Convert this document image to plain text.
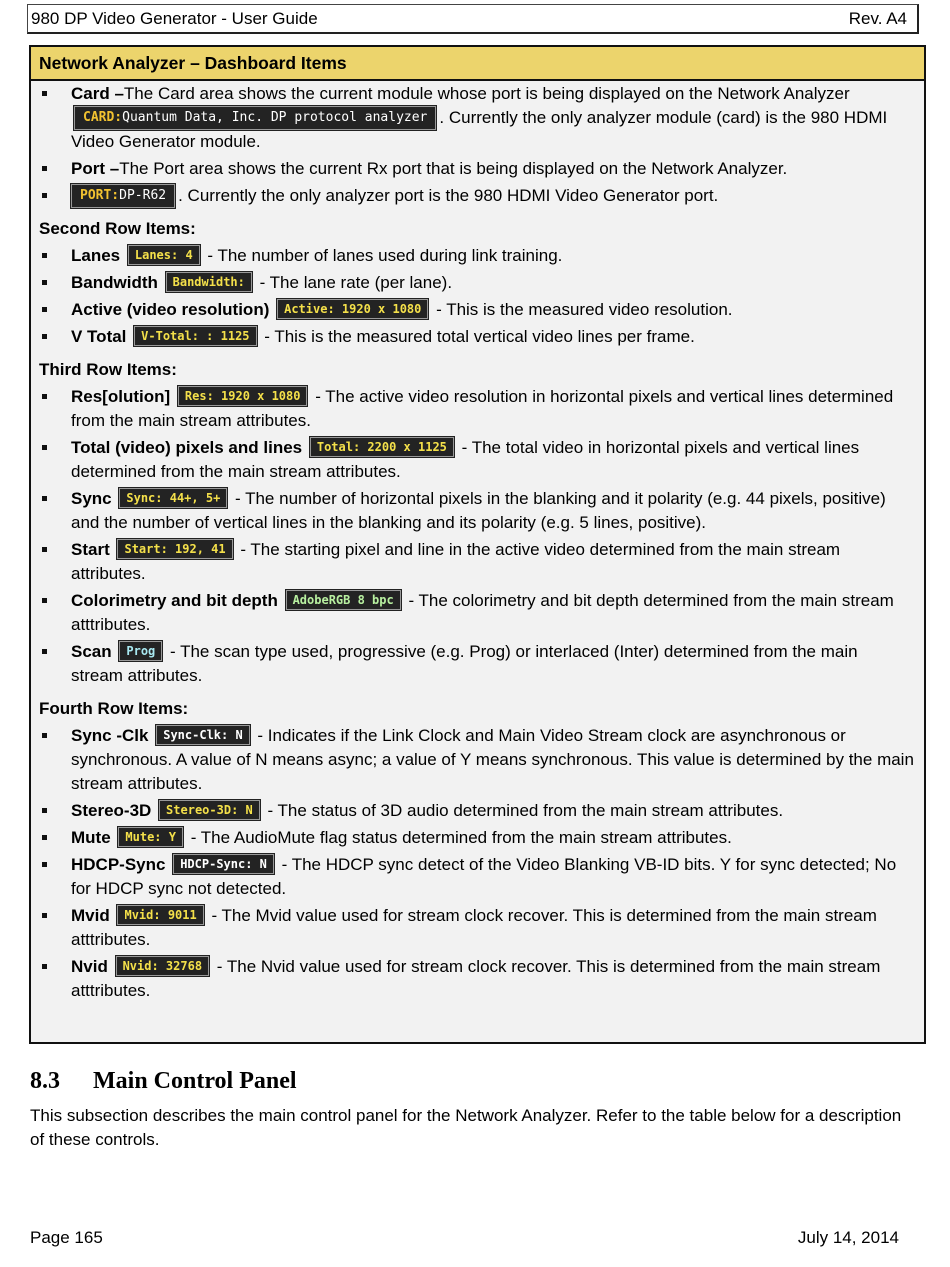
980 DP Video Generator - User Guide	Rev. A4
Network Analyzer – Dashboard Items
Card –The Card area shows the current module whose port is being displayed on the Network Analyzer CARD:Quantum Data, Inc. DP protocol analyzer . Currently the only analyzer module (card) is the 980 HDMI Video Generator module.
Port –The Port area shows the current Rx port that is being displayed on the Network Analyzer.
PORT:DP-R62 . Currently the only analyzer port is the 980 HDMI Video Generator port.
Second Row Items:
Lanes Lanes: 4 - The number of lanes used during link training.
Bandwidth Bandwidth: - The lane rate (per lane).
Active (video resolution) Active: 1920 x 1080 - This is the measured video resolution.
V Total V-Total: : 1125 - This is the measured total vertical video lines per frame.
Third Row Items:
Res[olution] Res: 1920 x 1080 - The active video resolution in horizontal pixels and vertical lines determined from the main stream attributes.
Total (video) pixels and lines Total: 2200 x 1125 - The total video in horizontal pixels and vertical lines determined from the main stream attributes.
Sync Sync: 44+, 5+ - The number of horizontal pixels in the blanking and it polarity (e.g. 44 pixels, positive) and the number of vertical lines in the blanking and its polarity (e.g. 5 lines, positive).
Start Start: 192, 41 - The starting pixel and line in the active video determined from the main stream attributes.
Colorimetry and bit depth AdobeRGB 8 bpc - The colorimetry and bit depth determined from the main stream atttributes.
Scan Prog - The scan type used, progressive (e.g. Prog) or interlaced (Inter) determined from the main stream attributes.
Fourth Row Items:
Sync -Clk Sync-Clk: N - Indicates if the Link Clock and Main Video Stream clock are asynchronous or synchronous. A value of N means async; a value of Y means synchronous. This value is determined by the main stream attributes.
Stereo-3D Stereo-3D: N - The status of 3D audio determined from the main stream attributes.
Mute Mute: Y - The AudioMute flag status determined from the main stream attributes.
HDCP-Sync HDCP-Sync: N - The HDCP sync detect of the Video Blanking VB-ID bits. Y for sync detected; No for HDCP sync not detected.
Mvid Mvid: 9011 - The Mvid value used for stream clock recover. This is determined from the main stream atttributes.
Nvid Nvid: 32768 - The Nvid value used for stream clock recover. This is determined from the main stream atttributes.
8.3 Main Control Panel
This subsection describes the main control panel for the Network Analyzer. Refer to the table below for a description of these controls.
Page 165	July 14, 2014
